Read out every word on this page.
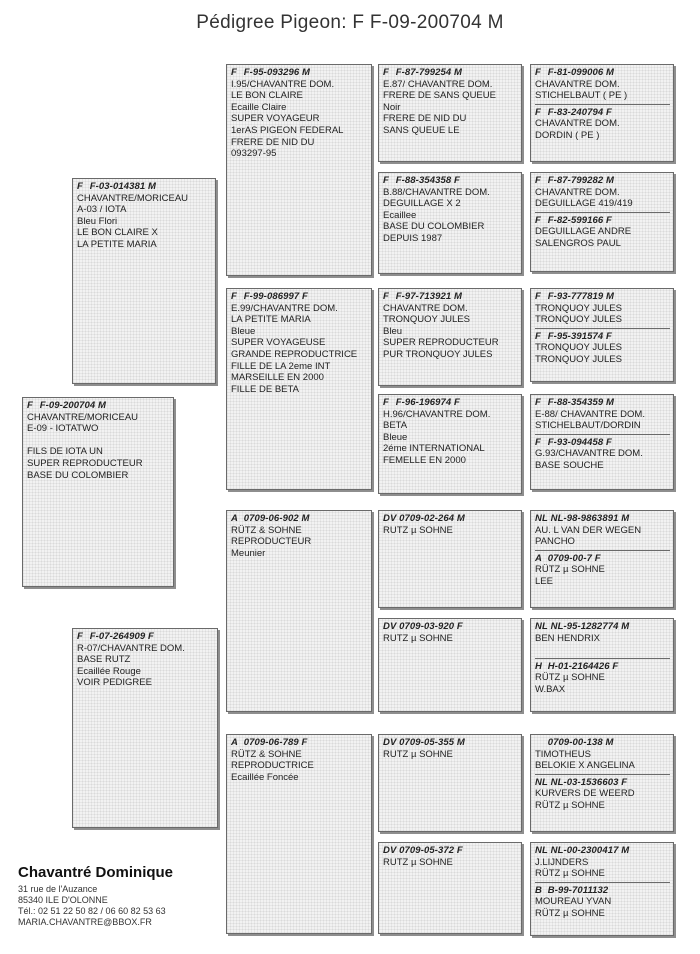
Pédigree Pigeon: F F-09-200704 M
F F-09-200704 M
CHAVANTRE/MORICEAU
E-09 - IOTATWO

FILS DE IOTA UN
SUPER REPRODUCTEUR
BASE DU COLOMBIER
F F-03-014381 M
CHAVANTRE/MORICEAU
A-03 / IOTA
Bleu Flori
LE BON CLAIRE X
LA PETITE MARIA
F F-07-264909 F
R-07/CHAVANTRE DOM.
BASE RUTZ
Ecaillée Rouge
VOIR PEDIGREE
F F-95-093296 M
I.95/CHAVANTRE DOM.
LE BON CLAIRE
Ecaille Claire
SUPER VOYAGEUR
1erAS PIGEON FEDERAL
FRERE DE NID DU
093297-95
F F-99-086997 F
E.99/CHAVANTRE DOM.
LA PETITE MARIA
Bleue
SUPER VOYAGEUSE
GRANDE REPRODUCTRICE
FILLE DE LA 2eme INT
MARSEILLE EN 2000
FILLE DE BETA
A 0709-06-902 M
RÜTZ & SOHNE
REPRODUCTEUR
Meunier
A 0709-06-789 F
RÜTZ & SOHNE
REPRODUCTRICE
Ecaillée Foncée
F F-87-799254 M
E.87/ CHAVANTRE DOM.
FRERE DE SANS QUEUE
Noir
FRERE DE NID DU
SANS QUEUE LE
F F-88-354358 F
B.88/CHAVANTRE DOM.
DEGUILLAGE X 2
Ecaillee
BASE DU COLOMBIER
DEPUIS 1987
F F-97-713921 M
CHAVANTRE DOM.
TRONQUOY JULES
Bleu
SUPER REPRODUCTEUR
PUR TRONQUOY JULES
F F-96-196974 F
H.96/CHAVANTRE DOM.
BETA
Bleue
2éme INTERNATIONAL
FEMELLE EN 2000
DV 0709-02-264 M
RUTZ µ SOHNE
DV 0709-03-920 F
RUTZ µ SOHNE
DV 0709-05-355 M
RUTZ µ SOHNE
DV 0709-05-372 F
RUTZ µ SOHNE
F F-81-099006 M
CHAVANTRE DOM.
STICHELBAUT ( PE )
F F-83-240794 F
CHAVANTRE DOM.
DORDIN ( PE )
F F-87-799282 M
CHAVANTRE DOM.
DEGUILLAGE 419/419
F F-82-599166 F
DEGUILLAGE ANDRE
SALENGROS PAUL
F F-93-777819 M
TRONQUOY JULES
TRONQUOY JULES
F F-95-391574 F
TRONQUOY JULES
TRONQUOY JULES
F F-88-354359 M
E-88/ CHAVANTRE DOM.
STICHELBAUT/DORDIN
F F-93-094458 F
G.93/CHAVANTRE DOM.
BASE SOUCHE
NL NL-98-9863891 M
AU. L VAN DER WEGEN
PANCHO
A 0709-00-7 F
RÜTZ µ SOHNE
LEE
NL NL-95-1282774 M
BEN HENDRIX

H H-01-2164426 F
RÜTZ µ SOHNE
W.BAX
0709-00-138 M
TIMOTHEUS
BELOKIE X ANGELINA
NL NL-03-1536603 F
KURVERS DE WEERD
RÜTZ µ SOHNE
NL NL-00-2300417 M
J.LIJNDERS
RÜTZ µ SOHNE
B B-99-7011132
MOUREAU YVAN
RÜTZ µ SOHNE
Chavantré Dominique
31 rue de l'Auzance
85340 ILE D'OLONNE
Tél.: 02 51 22 50 82 / 06 60 82 53 63
MARIA.CHAVANTRE@BBOX.FR
